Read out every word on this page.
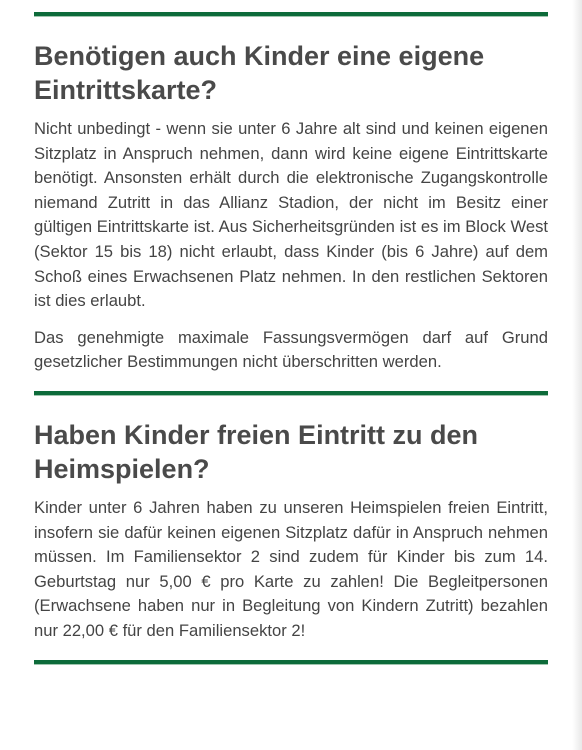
Benötigen auch Kinder eine eigene Eintrittskarte?

Nicht unbedingt - wenn sie unter 6 Jahre alt sind und keinen eigenen Sitzplatz in Anspruch nehmen, dann wird keine eigene Eintrittskarte benötigt. Ansonsten erhält durch die elektronische Zugangskontrolle niemand Zutritt in das Allianz Stadion, der nicht im Besitz einer gültigen Eintrittskarte ist. Aus Sicherheitsgründen ist es im Block West (Sektor 15 bis 18) nicht erlaubt, dass Kinder (bis 6 Jahre) auf dem Schoß eines Erwachsenen Platz nehmen. In den restlichen Sektoren ist dies erlaubt.

Das genehmigte maximale Fassungsvermögen darf auf Grund gesetzlicher Bestimmungen nicht überschritten werden.

Haben Kinder freien Eintritt zu den Heimspielen?

Kinder unter 6 Jahren haben zu unseren Heimspielen freien Eintritt, insofern sie dafür keinen eigenen Sitzplatz dafür in Anspruch nehmen müssen. Im Familiensektor 2 sind zudem für Kinder bis zum 14. Geburtstag nur 5,00 € pro Karte zu zahlen! Die Begleitpersonen (Erwachsene haben nur in Begleitung von Kindern Zutritt) bezahlen nur 22,00 € für den Familiensektor 2!
